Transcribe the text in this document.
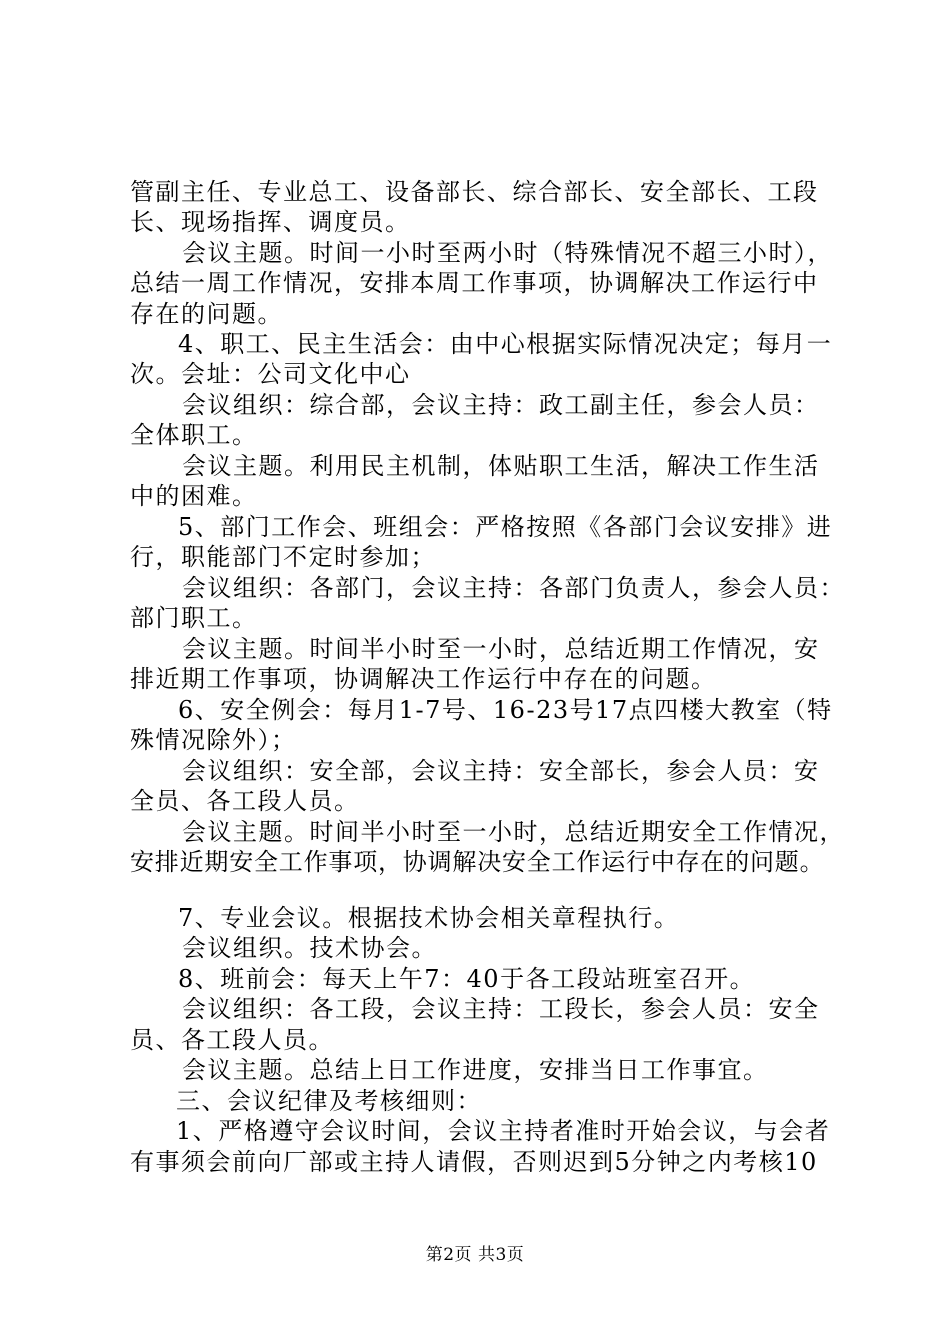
管副主任、专业总工、设备部长、综合部长、安全部长、工段
长、现场指挥、调度员。
会议主题。时间一小时至两小时（特殊情况不超三小时），
总结一周工作情况，安排本周工作事项，协调解决工作运行中
存在的问题。
4、职工、民主生活会：由中心根据实际情况决定；每月一
次。会址：公司文化中心
会议组织：综合部，会议主持：政工副主任，参会人员：
全体职工。
会议主题。利用民主机制，体贴职工生活，解决工作生活
中的困难。
5、部门工作会、班组会：严格按照《各部门会议安排》进
行，职能部门不定时参加；
会议组织：各部门，会议主持：各部门负责人，参会人员：
部门职工。
会议主题。时间半小时至一小时，总结近期工作情况，安
排近期工作事项，协调解决工作运行中存在的问题。
6、安全例会：每月1-7号、16-23号17点四楼大教室（特
殊情况除外）；
会议组织：安全部，会议主持：安全部长，参会人员：安
全员、各工段人员。
会议主题。时间半小时至一小时，总结近期安全工作情况，
安排近期安全工作事项，协调解决安全工作运行中存在的问题。
7、专业会议。根据技术协会相关章程执行。
会议组织。技术协会。
8、班前会：每天上午7：40于各工段站班室召开。
会议组织：各工段，会议主持：工段长，参会人员：安全
员、各工段人员。
会议主题。总结上日工作进度，安排当日工作事宜。
三、会议纪律及考核细则：
1、严格遵守会议时间，会议主持者准时开始会议，与会者
有事须会前向厂部或主持人请假，否则迟到5分钟之内考核10
第2页 共3页
